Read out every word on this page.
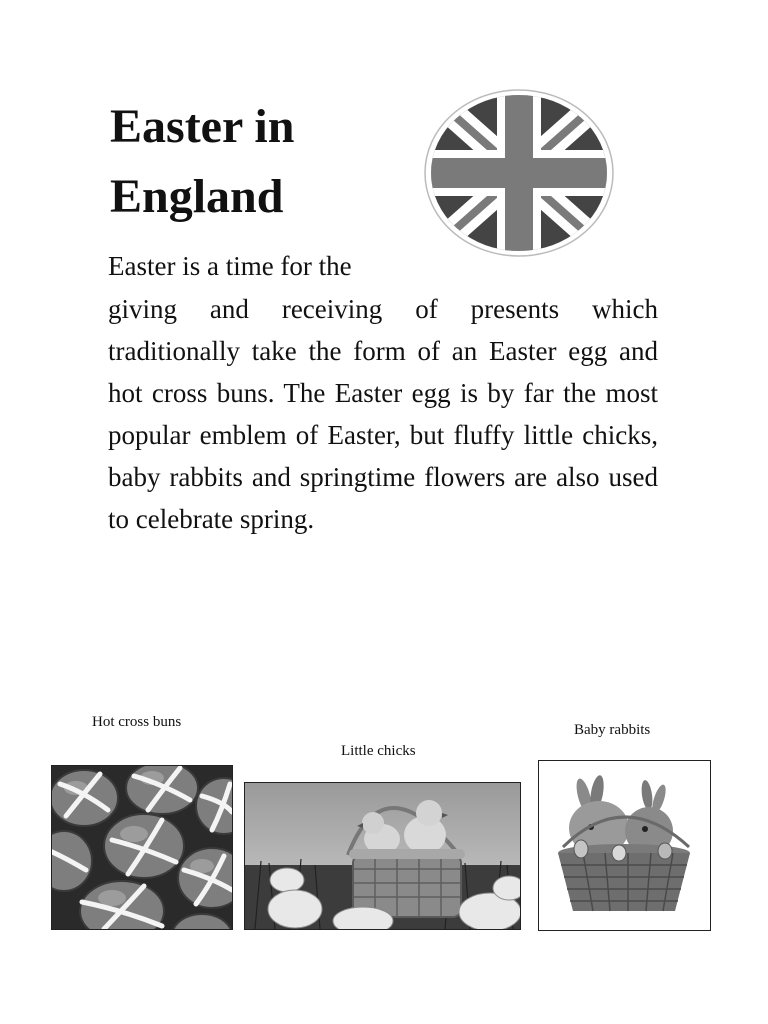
Easter in
England

Easter is a time for the

giving and receiving of presents which traditionally take the form of an Easter egg and hot cross buns. The Easter egg is by far the most popular emblem of Easter, but fluffy little chicks, baby rabbits and springtime flowers are also used to celebrate spring.

Hot cross buns
Little chicks
Baby rabbits
